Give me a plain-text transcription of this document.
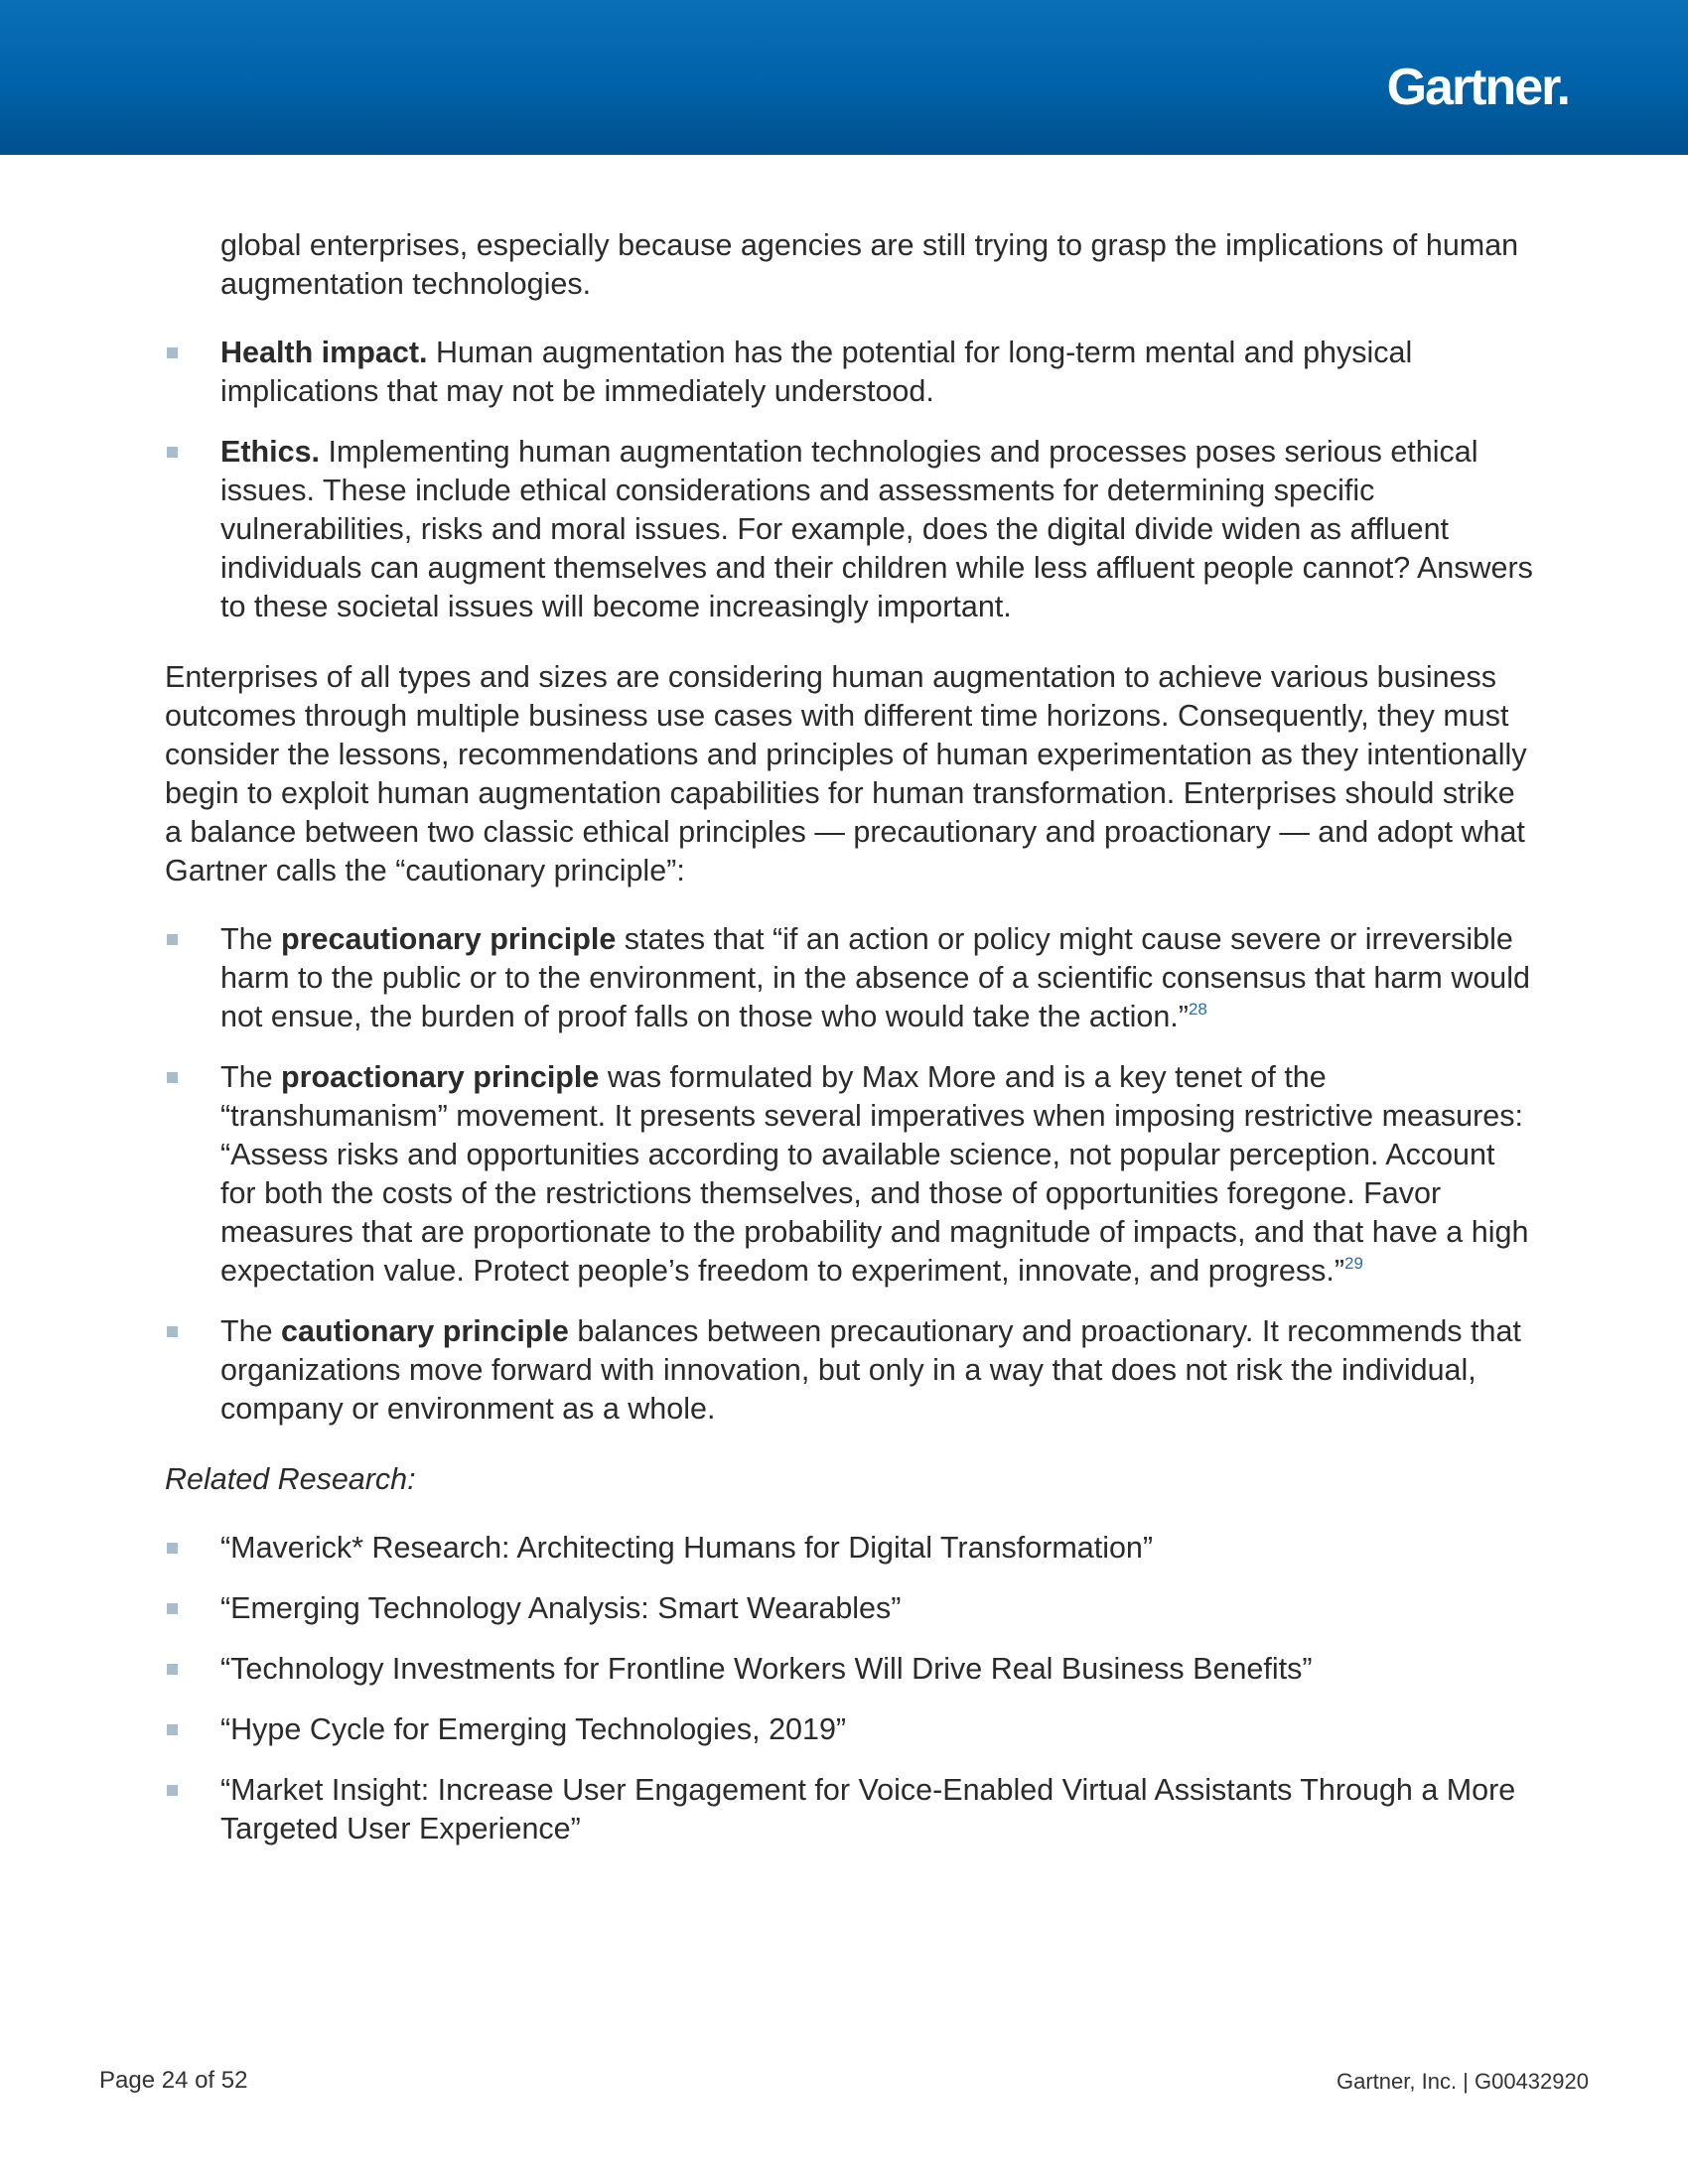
Gartner.

global enterprises, especially because agencies are still trying to grasp the implications of human augmentation technologies.

Health impact. Human augmentation has the potential for long-term mental and physical implications that may not be immediately understood.
Ethics. Implementing human augmentation technologies and processes poses serious ethical issues. These include ethical considerations and assessments for determining specific vulnerabilities, risks and moral issues. For example, does the digital divide widen as affluent individuals can augment themselves and their children while less affluent people cannot? Answers to these societal issues will become increasingly important.

Enterprises of all types and sizes are considering human augmentation to achieve various business outcomes through multiple business use cases with different time horizons. Consequently, they must consider the lessons, recommendations and principles of human experimentation as they intentionally begin to exploit human augmentation capabilities for human transformation. Enterprises should strike a balance between two classic ethical principles — precautionary and proactionary — and adopt what Gartner calls the “cautionary principle”:

The precautionary principle states that “if an action or policy might cause severe or irreversible harm to the public or to the environment, in the absence of a scientific consensus that harm would not ensue, the burden of proof falls on those who would take the action.”$^{28}$
The proactionary principle was formulated by Max More and is a key tenet of the “transhumanism” movement. It presents several imperatives when imposing restrictive measures: “Assess risks and opportunities according to available science, not popular perception. Account for both the costs of the restrictions themselves, and those of opportunities foregone. Favor measures that are proportionate to the probability and magnitude of impacts, and that have a high expectation value. Protect people’s freedom to experiment, innovate, and progress.”$^{29}$
The cautionary principle balances between precautionary and proactionary. It recommends that organizations move forward with innovation, but only in a way that does not risk the individual, company or environment as a whole.

Related Research:

“Maverick* Research: Architecting Humans for Digital Transformation”
“Emerging Technology Analysis: Smart Wearables”
“Technology Investments for Frontline Workers Will Drive Real Business Benefits”
“Hype Cycle for Emerging Technologies, 2019”
“Market Insight: Increase User Engagement for Voice-Enabled Virtual Assistants Through a More Targeted User Experience”
Page 24 of 52	Gartner, Inc. | G00432920
